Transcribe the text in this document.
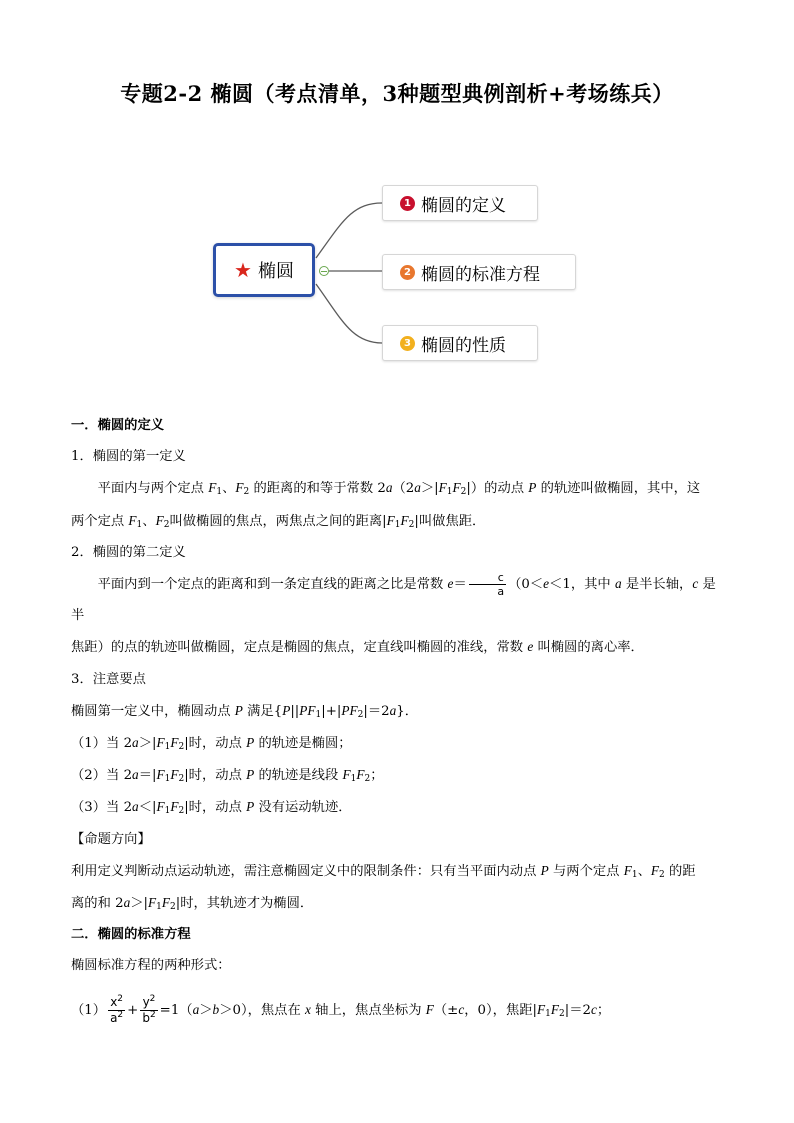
专题2-2 椭圆（考点清单，3种题型典例剖析+考场练兵）
★ 椭圆
1 椭圆的定义
2 椭圆的标准方程
3 椭圆的性质

一．椭圆的定义

1．椭圆的第一定义

平面内与两个定点 $F_1$、$F_2$ 的距离的和等于常数 $2a(2a>|F_1F_2|)$的动点 P 的轨迹叫做椭圆，其中，这

两个定点 $F_1$、$F_2$叫做椭圆的焦点，两焦点之间的距离$|F_1F_2|$叫做焦距．

2．椭圆的第二定义

平面内到一个定点的距离和到一条定直线的距离之比是常数 $e= \frac{c}{a} (0<e<1$，其中 a 是半长轴，c 是半

焦距）的点的轨迹叫做椭圆，定点是椭圆的焦点，定直线叫椭圆的准线，常数 e 叫椭圆的离心率．

3．注意要点

椭圆第一定义中，椭圆动点 P 满足$\{P||PF_1|+|PF_2|=2a\}$．

（1）当 $2a>|F_1F_2|$时，动点 P 的轨迹是椭圆；

（2）当 $2a=|F_1F_2|$时，动点 P 的轨迹是线段 $F_1F_2$；

（3）当 $2a<|F_1F_2|$时，动点 P 没有运动轨迹．

【命题方向】

利用定义判断动点运动轨迹，需注意椭圆定义中的限制条件：只有当平面内动点 P 与两个定点 $F_1$、$F_2$ 的距

离的和 $2a>|F_1F_2|$时，其轨迹才为椭圆．

二．椭圆的标准方程

椭圆标准方程的两种形式：

$(1) \frac{x^2}{a^2} + \frac{y^2}{b^2} =1(a>b>0)$，焦点在 x 轴上，焦点坐标为 F（±c，0），焦距$|F_1F_2|=2c$；
